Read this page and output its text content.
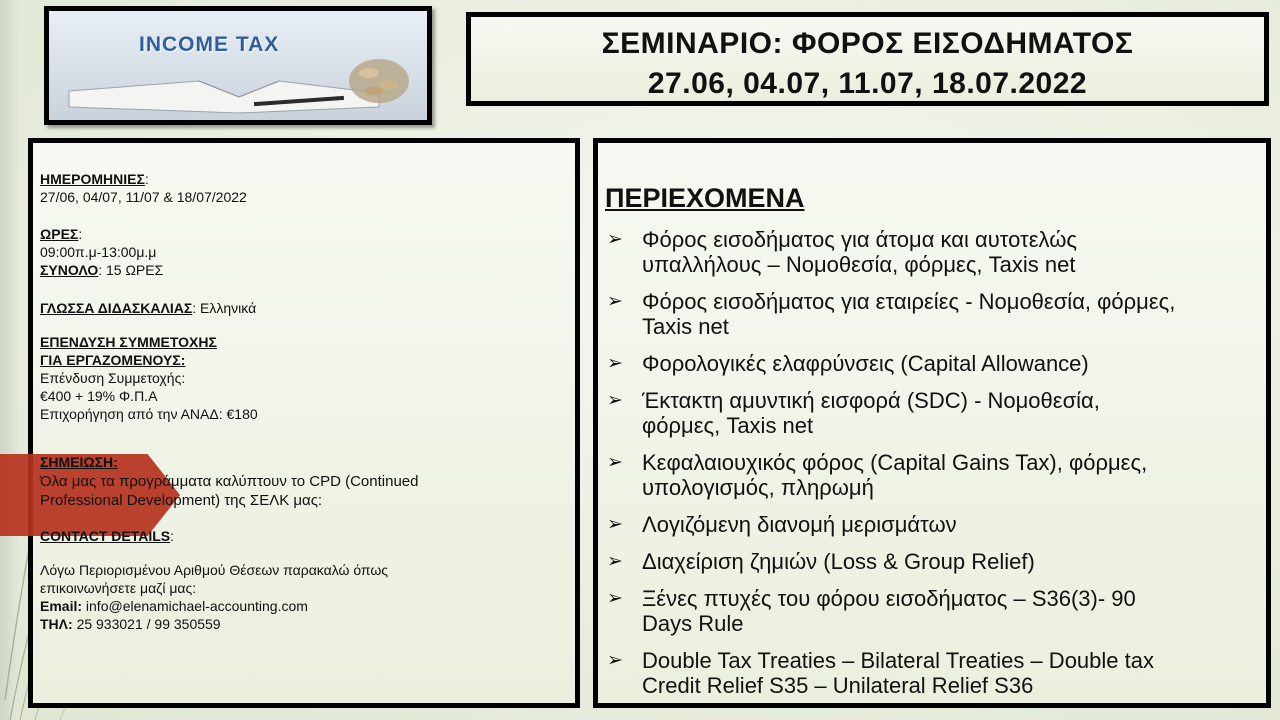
INCOME TAX	ΣΕΜΙΝΑΡΙΟ: ΦΟΡΟΣ ΕΙΣΟΔΗΜΑΤΟΣ
27.06, 04.07, 11.07, 18.07.2022
ΗΜΕΡΟΜΗΝΙΕΣ:
27/06, 04/07, 11/07 & 18/07/2022
ΩΡΕΣ:
09:00π.μ-13:00μ.μ
ΣΥΝΟΛΟ: 15 ΩΡΕΣ
ΓΛΩΣΣΑ ΔΙΔΑΣΚΑΛΙΑΣ: Ελληνικά
ΕΠΕΝΔΥΣΗ ΣΥΜΜΕΤΟΧΗΣ
ΓΙΑ ΕΡΓΑΖΟΜΕΝΟΥΣ:
Επένδυση Συμμετοχής:
€400 + 19% Φ.Π.Α
Επιχορήγηση από την ΑΝΑΔ: €180
ΣΗΜΕΙΩΣΗ:
Όλα μας τα προγράμματα καλύπτουν το CPD (Continued
Professional Development) της ΣΕΛΚ μας:
CONTACT DETAILS:
Λόγω Περιορισμένου Αριθμού Θέσεων παρακαλώ όπως
επικοινωνήσετε μαζί μας:
Email: info@elenamichael-accounting.com
ΤΗΛ: 25 933021 / 99 350559
ΠΕΡΙΕΧΟΜΕΝΑ
➢ Φόρος εισοδήματος για άτομα και αυτοτελώς
υπαλλήλους – Νομοθεσία, φόρμες, Taxis net
➢ Φόρος εισοδήματος για εταιρείες - Νομοθεσία, φόρμες,
Taxis net
➢ Φορολογικές ελαφρύνσεις (Capital Allowance)
➢ Έκτακτη αμυντική εισφορά (SDC) - Νομοθεσία,
φόρμες, Taxis net
➢ Κεφαλαιουχικός φόρος (Capital Gains Tax), φόρμες,
υπολογισμός, πληρωμή
➢ Λογιζόμενη διανομή μερισμάτων
➢ Διαχείριση ζημιών (Loss & Group Relief)
➢ Ξένες πτυχές του φόρου εισοδήματος – S36(3)- 90
Days Rule
➢ Double Tax Treaties – Bilateral Treaties – Double tax
Credit Relief S35 – Unilateral Relief S36
